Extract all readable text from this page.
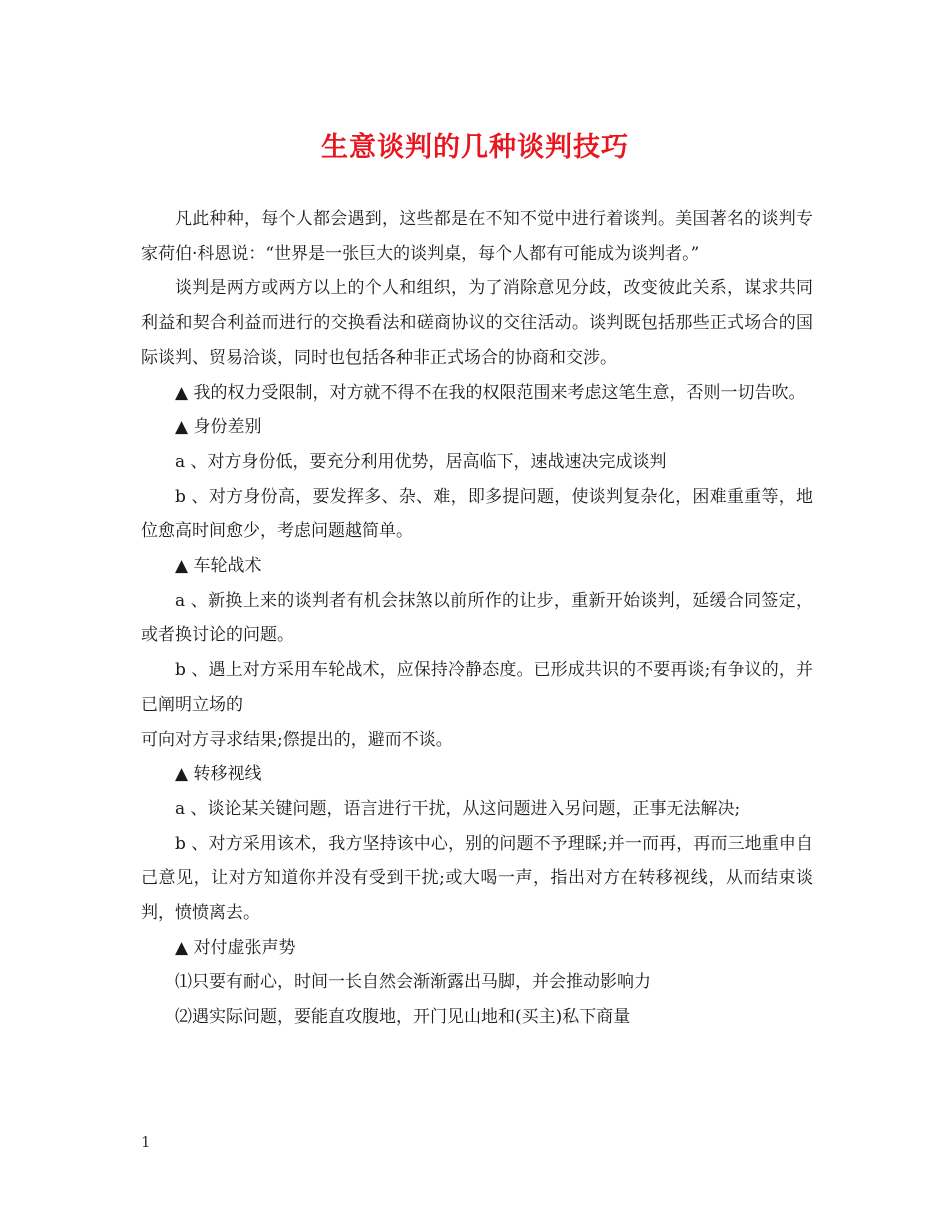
生意谈判的几种谈判技巧

凡此种种，每个人都会遇到，这些都是在不知不觉中进行着谈判。美国著名的谈判专家荷伯·科恩说：“世界是一张巨大的谈判桌，每个人都有可能成为谈判者。”

谈判是两方或两方以上的个人和组织，为了消除意见分歧，改变彼此关系，谋求共同利益和契合利益而进行的交换看法和磋商协议的交往活动。谈判既包括那些正式场合的国际谈判、贸易洽谈，同时也包括各种非正式场合的协商和交涉。

▲ 我的权力受限制，对方就不得不在我的权限范围来考虑这笔生意，否则一切告吹。

▲ 身份差别

a 、对方身份低，要充分利用优势，居高临下，速战速决完成谈判

b 、对方身份高，要发挥多、杂、难，即多提问题，使谈判复杂化，困难重重等，地位愈高时间愈少，考虑问题越简单。

▲ 车轮战术

a 、新换上来的谈判者有机会抹煞以前所作的让步，重新开始谈判，延缓合同签定，或者换讨论的问题。

b 、遇上对方采用车轮战术，应保持冷静态度。已形成共识的不要再谈;有争议的，并已阐明立场的

可向对方寻求结果;傺提出的，避而不谈。

▲ 转移视线

a 、谈论某关键问题，语言进行干扰，从这问题进入另问题，正事无法解决;

b 、对方采用该术，我方坚持该中心，别的问题不予理睬;并一而再，再而三地重申自己意见，让对方知道你并没有受到干扰;或大喝一声，指出对方在转移视线，从而结束谈判，愤愤离去。

▲ 对付虚张声势

⑴只要有耐心，时间一长自然会渐渐露出马脚，并会推动影响力

⑵遇实际问题，要能直攻腹地，开门见山地和(买主)私下商量

1
